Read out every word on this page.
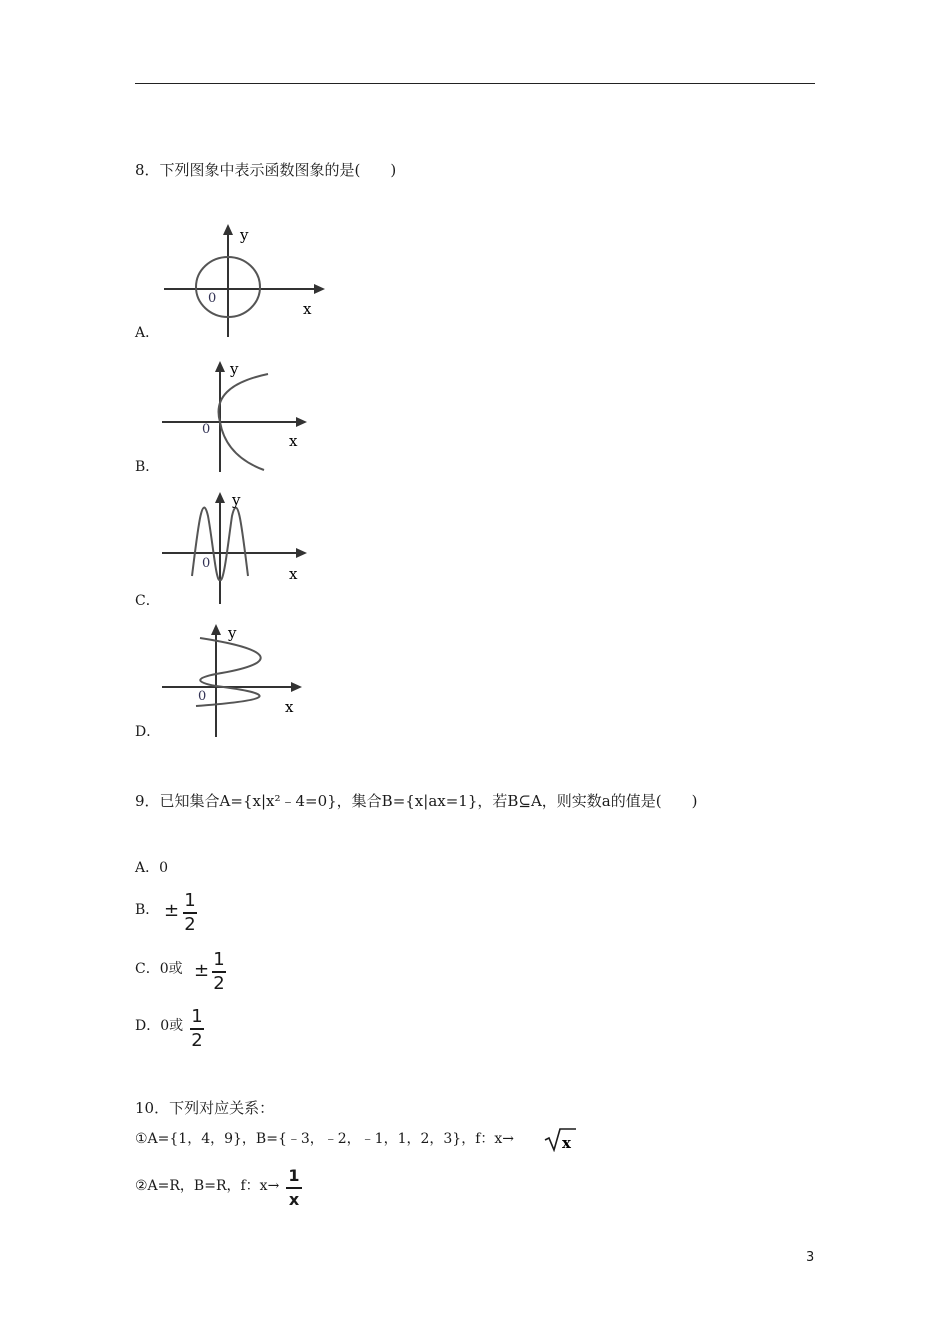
8．下列图象中表示函数图象的是(　　)
y
x
0
A．
y
x
0
B．
y
x
0
C．
y
x
0
D．
9．已知集合A={x|x²﹣4=0}，集合B={x|ax=1}，若B⊆A，则实数a的值是(　　)
A．0
B． ± 1
2
C．0或 ±
1
2
D．0或 1
2
10．下列对应关系：
①A={1，4，9}，B={﹣3，﹣2，﹣1，1，2，3}，f：x→	x
②A=R，B=R，f：x→
1
x
3
